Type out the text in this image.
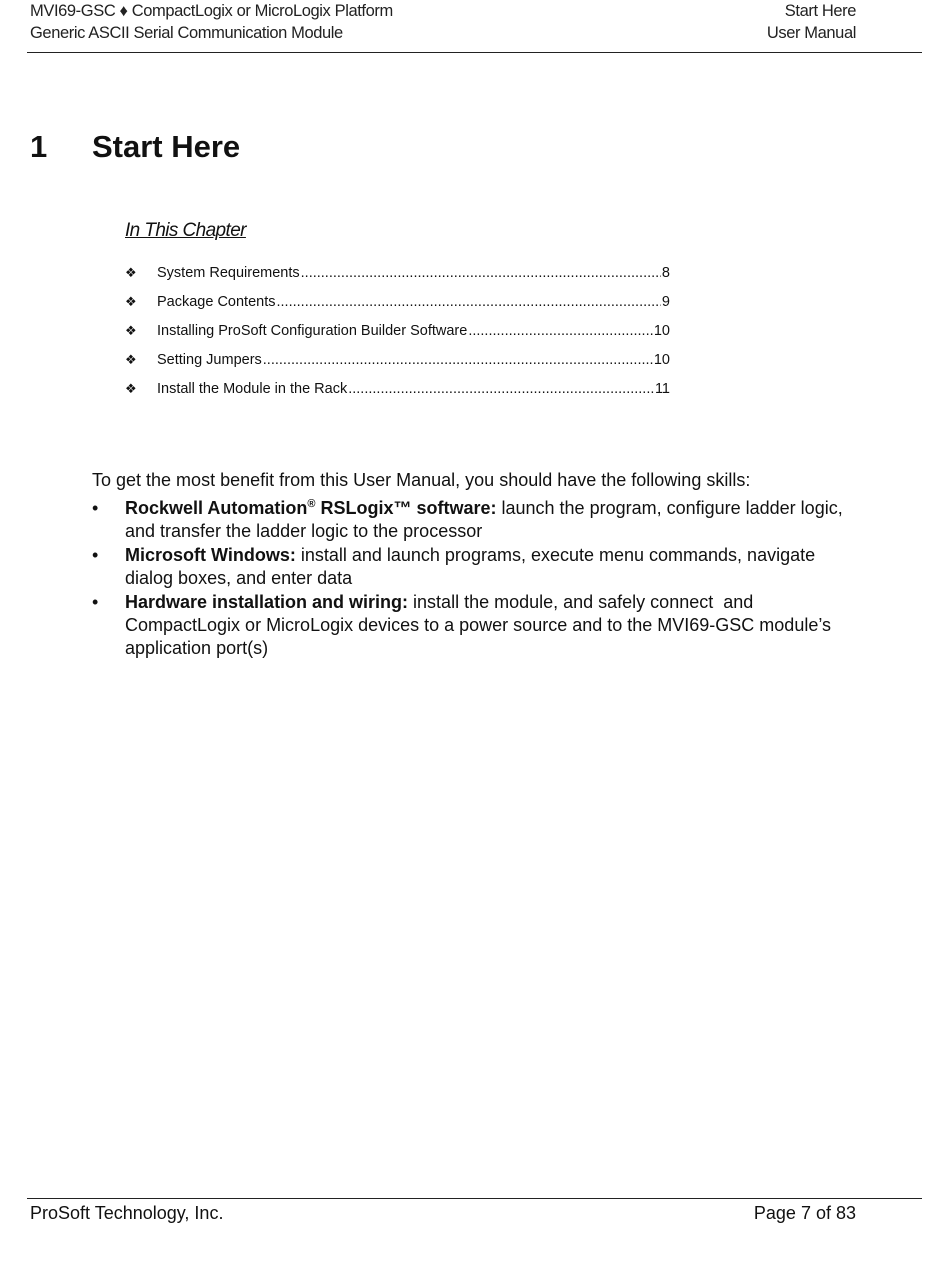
MVI69-GSC ♦ CompactLogix or MicroLogix Platform	Start Here
Generic ASCII Serial Communication Module	User Manual
1	Start Here
In This Chapter
❖	System Requirements .....	8
❖	Package Contents .....	9
❖	Installing ProSoft Configuration Builder Software .....	10
❖	Setting Jumpers .....	10
❖	Install the Module in the Rack .....	11

To get the most benefit from this User Manual, you should have the following skills:

•	Rockwell Automation® RSLogix™ software: launch the program, configure ladder logic, and transfer the ladder logic to the processor
•	Microsoft Windows: install and launch programs, execute menu commands, navigate dialog boxes, and enter data
•	Hardware installation and wiring: install the module, and safely connect  and CompactLogix or MicroLogix devices to a power source and to the MVI69-GSC module’s application port(s)
ProSoft Technology, Inc.	Page 7 of 83
